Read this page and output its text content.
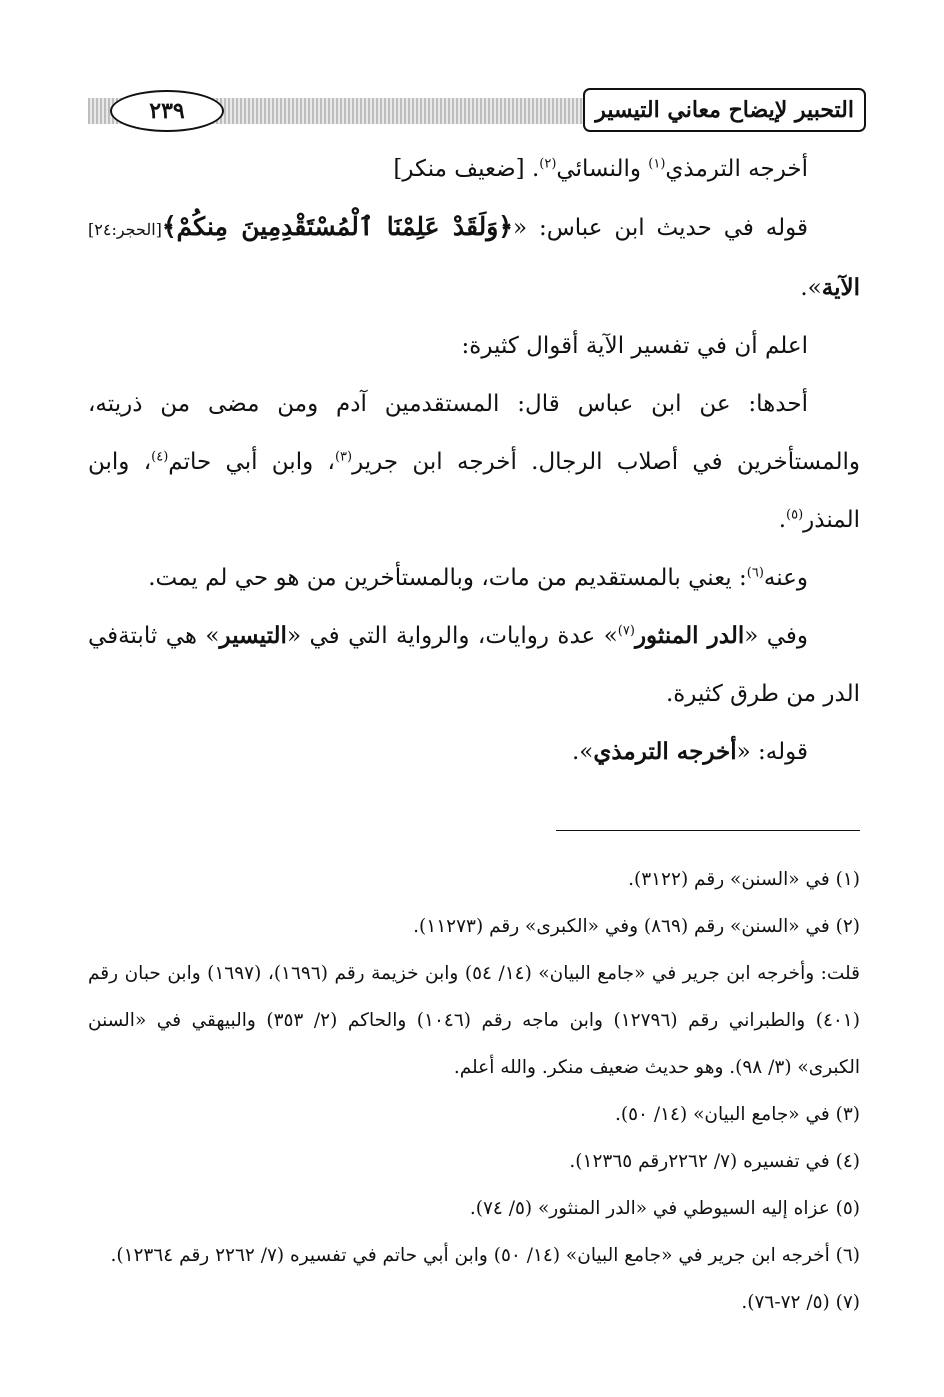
٢٣٩	التحبير لإيضاح معاني التيسير

أخرجه الترمذي$^{(١)}$ والنسائي$^{(٢)}$. [ضعيف منكر]

قوله في حديث ابن عباس: «﴿وَلَقَدْ عَلِمْنَا ٱلْمُسْتَقْدِمِينَ مِنكُمْ﴾[الحجر:٢٤] الآية».

اعلم أن في تفسير الآية أقوال كثيرة:

أحدها: عن ابن عباس قال: المستقدمين آدم ومن مضى من ذريته، والمستأخرين في أصلاب الرجال. أخرجه ابن جرير$^{(٣)}$، وابن أبي حاتم$^{(٤)}$، وابن المنذر$^{(٥)}$.

وعنه$^{(٦)}$: يعني بالمستقديم من مات، وبالمستأخرين من هو حي لم يمت.

وفي «الدر المنثور$^{(٧)}$» عدة روايات، والرواية التي في «التيسير» هي ثابتةفي الدر من طرق كثيرة.

قوله: «أخرجه الترمذي».

(١) في «السنن» رقم (٣١٢٢).

(٢) في «السنن» رقم (٨٦٩) وفي «الكبرى» رقم (١١٢٧٣).

قلت: وأخرجه ابن جرير في «جامع البيان» (١٤/ ٥٤) وابن خزيمة رقم (١٦٩٦)، (١٦٩٧) وابن حبان رقم (٤٠١) والطبراني رقم (١٢٧٩٦) وابن ماجه رقم (١٠٤٦) والحاكم (٢/ ٣٥٣) والبيهقي في «السنن الكبرى» (٣/ ٩٨). وهو حديث ضعيف منكر. والله أعلم.

(٣) في «جامع البيان» (١٤/ ٥٠).

(٤) في تفسيره (٧/ ٢٢٦٢رقم ١٢٣٦٥).

(٥) عزاه إليه السيوطي في «الدر المنثور» (٥/ ٧٤).

(٦) أخرجه ابن جرير في «جامع البيان» (١٤/ ٥٠) وابن أبي حاتم في تفسيره (٧/ ٢٢٦٢ رقم ١٢٣٦٤).

(٧) (٥/ ٧٢-٧٦).
